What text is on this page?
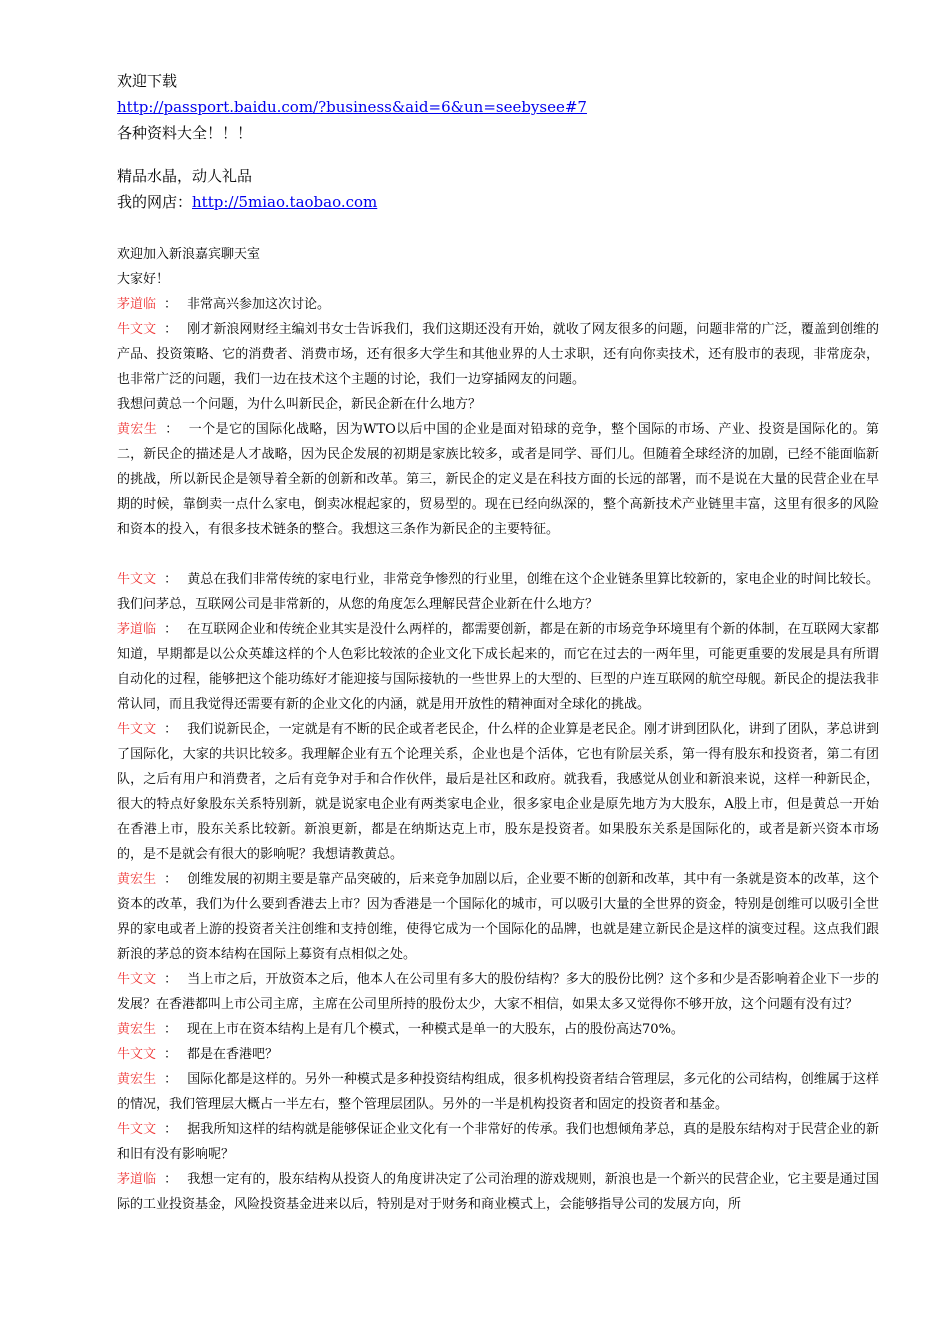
欢迎下载
http://passport.baidu.com/?business&aid=6&un=seebysee#7
各种资料大全！！！
精品水晶，动人礼品
我的网店：http://5miao.taobao.com
欢迎加入新浪嘉宾聊天室
大家好！
茅道临 ： 非常高兴参加这次讨论。
牛文文 ： 刚才新浪网财经主编刘书女士告诉我们，我们这期还没有开始，就收了网友很多的问题，问题非常的广泛，覆盖到创维的产品、投资策略、它的消费者、消费市场，还有很多大学生和其他业界的人士求职，还有向你卖技术，还有股市的表现，非常庞杂，也非常广泛的问题，我们一边在技术这个主题的讨论，我们一边穿插网友的问题。
我想问黄总一个问题，为什么叫新民企，新民企新在什么地方？
黄宏生 ： 一个是它的国际化战略，因为WTO以后中国的企业是面对铅球的竞争，整个国际的市场、产业、投资是国际化的。第二，新民企的描述是人才战略，因为民企发展的初期是家族比较多，或者是同学、哥们儿。但随着全球经济的加剧，已经不能面临新的挑战，所以新民企是领导着全新的创新和改革。第三，新民企的定义是在科技方面的长远的部署，而不是说在大量的民营企业在早期的时候，靠倒卖一点什么家电，倒卖冰棍起家的，贸易型的。现在已经向纵深的，整个高新技术产业链里丰富，这里有很多的风险和资本的投入，有很多技术链条的整合。我想这三条作为新民企的主要特征。
牛文文 ： 黄总在我们非常传统的家电行业，非常竞争惨烈的行业里，创维在这个企业链条里算比较新的，家电企业的时间比较长。我们问茅总，互联网公司是非常新的，从您的角度怎么理解民营企业新在什么地方？
茅道临 ： 在互联网企业和传统企业其实是没什么两样的，都需要创新，都是在新的市场竞争环境里有个新的体制，在互联网大家都知道，早期都是以公众英雄这样的个人色彩比较浓的企业文化下成长起来的，而它在过去的一两年里，可能更重要的发展是具有所谓自动化的过程，能够把这个能功练好才能迎接与国际接轨的一些世界上的大型的、巨型的户连互联网的航空母舰。新民企的提法我非常认同，而且我觉得还需要有新的企业文化的内涵，就是用开放性的精神面对全球化的挑战。
牛文文 ： 我们说新民企，一定就是有不断的民企或者老民企，什么样的企业算是老民企。刚才讲到团队化，讲到了团队，茅总讲到了国际化，大家的共识比较多。我理解企业有五个论理关系，企业也是个活体，它也有阶层关系，第一得有股东和投资者，第二有团队，之后有用户和消费者，之后有竞争对手和合作伙伴，最后是社区和政府。就我看，我感觉从创业和新浪来说，这样一种新民企，很大的特点好象股东关系特别新，就是说家电企业有两类家电企业，很多家电企业是原先地方为大股东，A股上市，但是黄总一开始在香港上市，股东关系比较新。新浪更新，都是在纳斯达克上市，股东是投资者。如果股东关系是国际化的，或者是新兴资本市场的，是不是就会有很大的影响呢？我想请教黄总。
黄宏生 ： 创维发展的初期主要是靠产品突破的，后来竞争加剧以后，企业要不断的创新和改革，其中有一条就是资本的改革，这个资本的改革，我们为什么要到香港去上市？因为香港是一个国际化的城市，可以吸引大量的全世界的资金，特别是创维可以吸引全世界的家电或者上游的投资者关注创维和支持创维，使得它成为一个国际化的品牌，也就是建立新民企是这样的演变过程。这点我们跟新浪的茅总的资本结构在国际上募资有点相似之处。
牛文文 ： 当上市之后，开放资本之后，他本人在公司里有多大的股份结构？多大的股份比例？这个多和少是否影响着企业下一步的发展？在香港都叫上市公司主席，主席在公司里所持的股份太少，大家不相信，如果太多又觉得你不够开放，这个问题有没有过？
黄宏生 ： 现在上市在资本结构上是有几个模式，一种模式是单一的大股东，占的股份高达70%。
牛文文 ： 都是在香港吧？
黄宏生 ： 国际化都是这样的。另外一种模式是多种投资结构组成，很多机构投资者结合管理层，多元化的公司结构，创维属于这样的情况，我们管理层大概占一半左右，整个管理层团队。另外的一半是机构投资者和固定的投资者和基金。
牛文文 ： 据我所知这样的结构就是能够保证企业文化有一个非常好的传承。我们也想倾角茅总，真的是股东结构对于民营企业的新和旧有没有影响呢？
茅道临 ： 我想一定有的，股东结构从投资人的角度讲决定了公司治理的游戏规则，新浪也是一个新兴的民营企业，它主要是通过国际的工业投资基金，风险投资基金进来以后，特别是对于财务和商业模式上，会能够指导公司的发展方向，所
